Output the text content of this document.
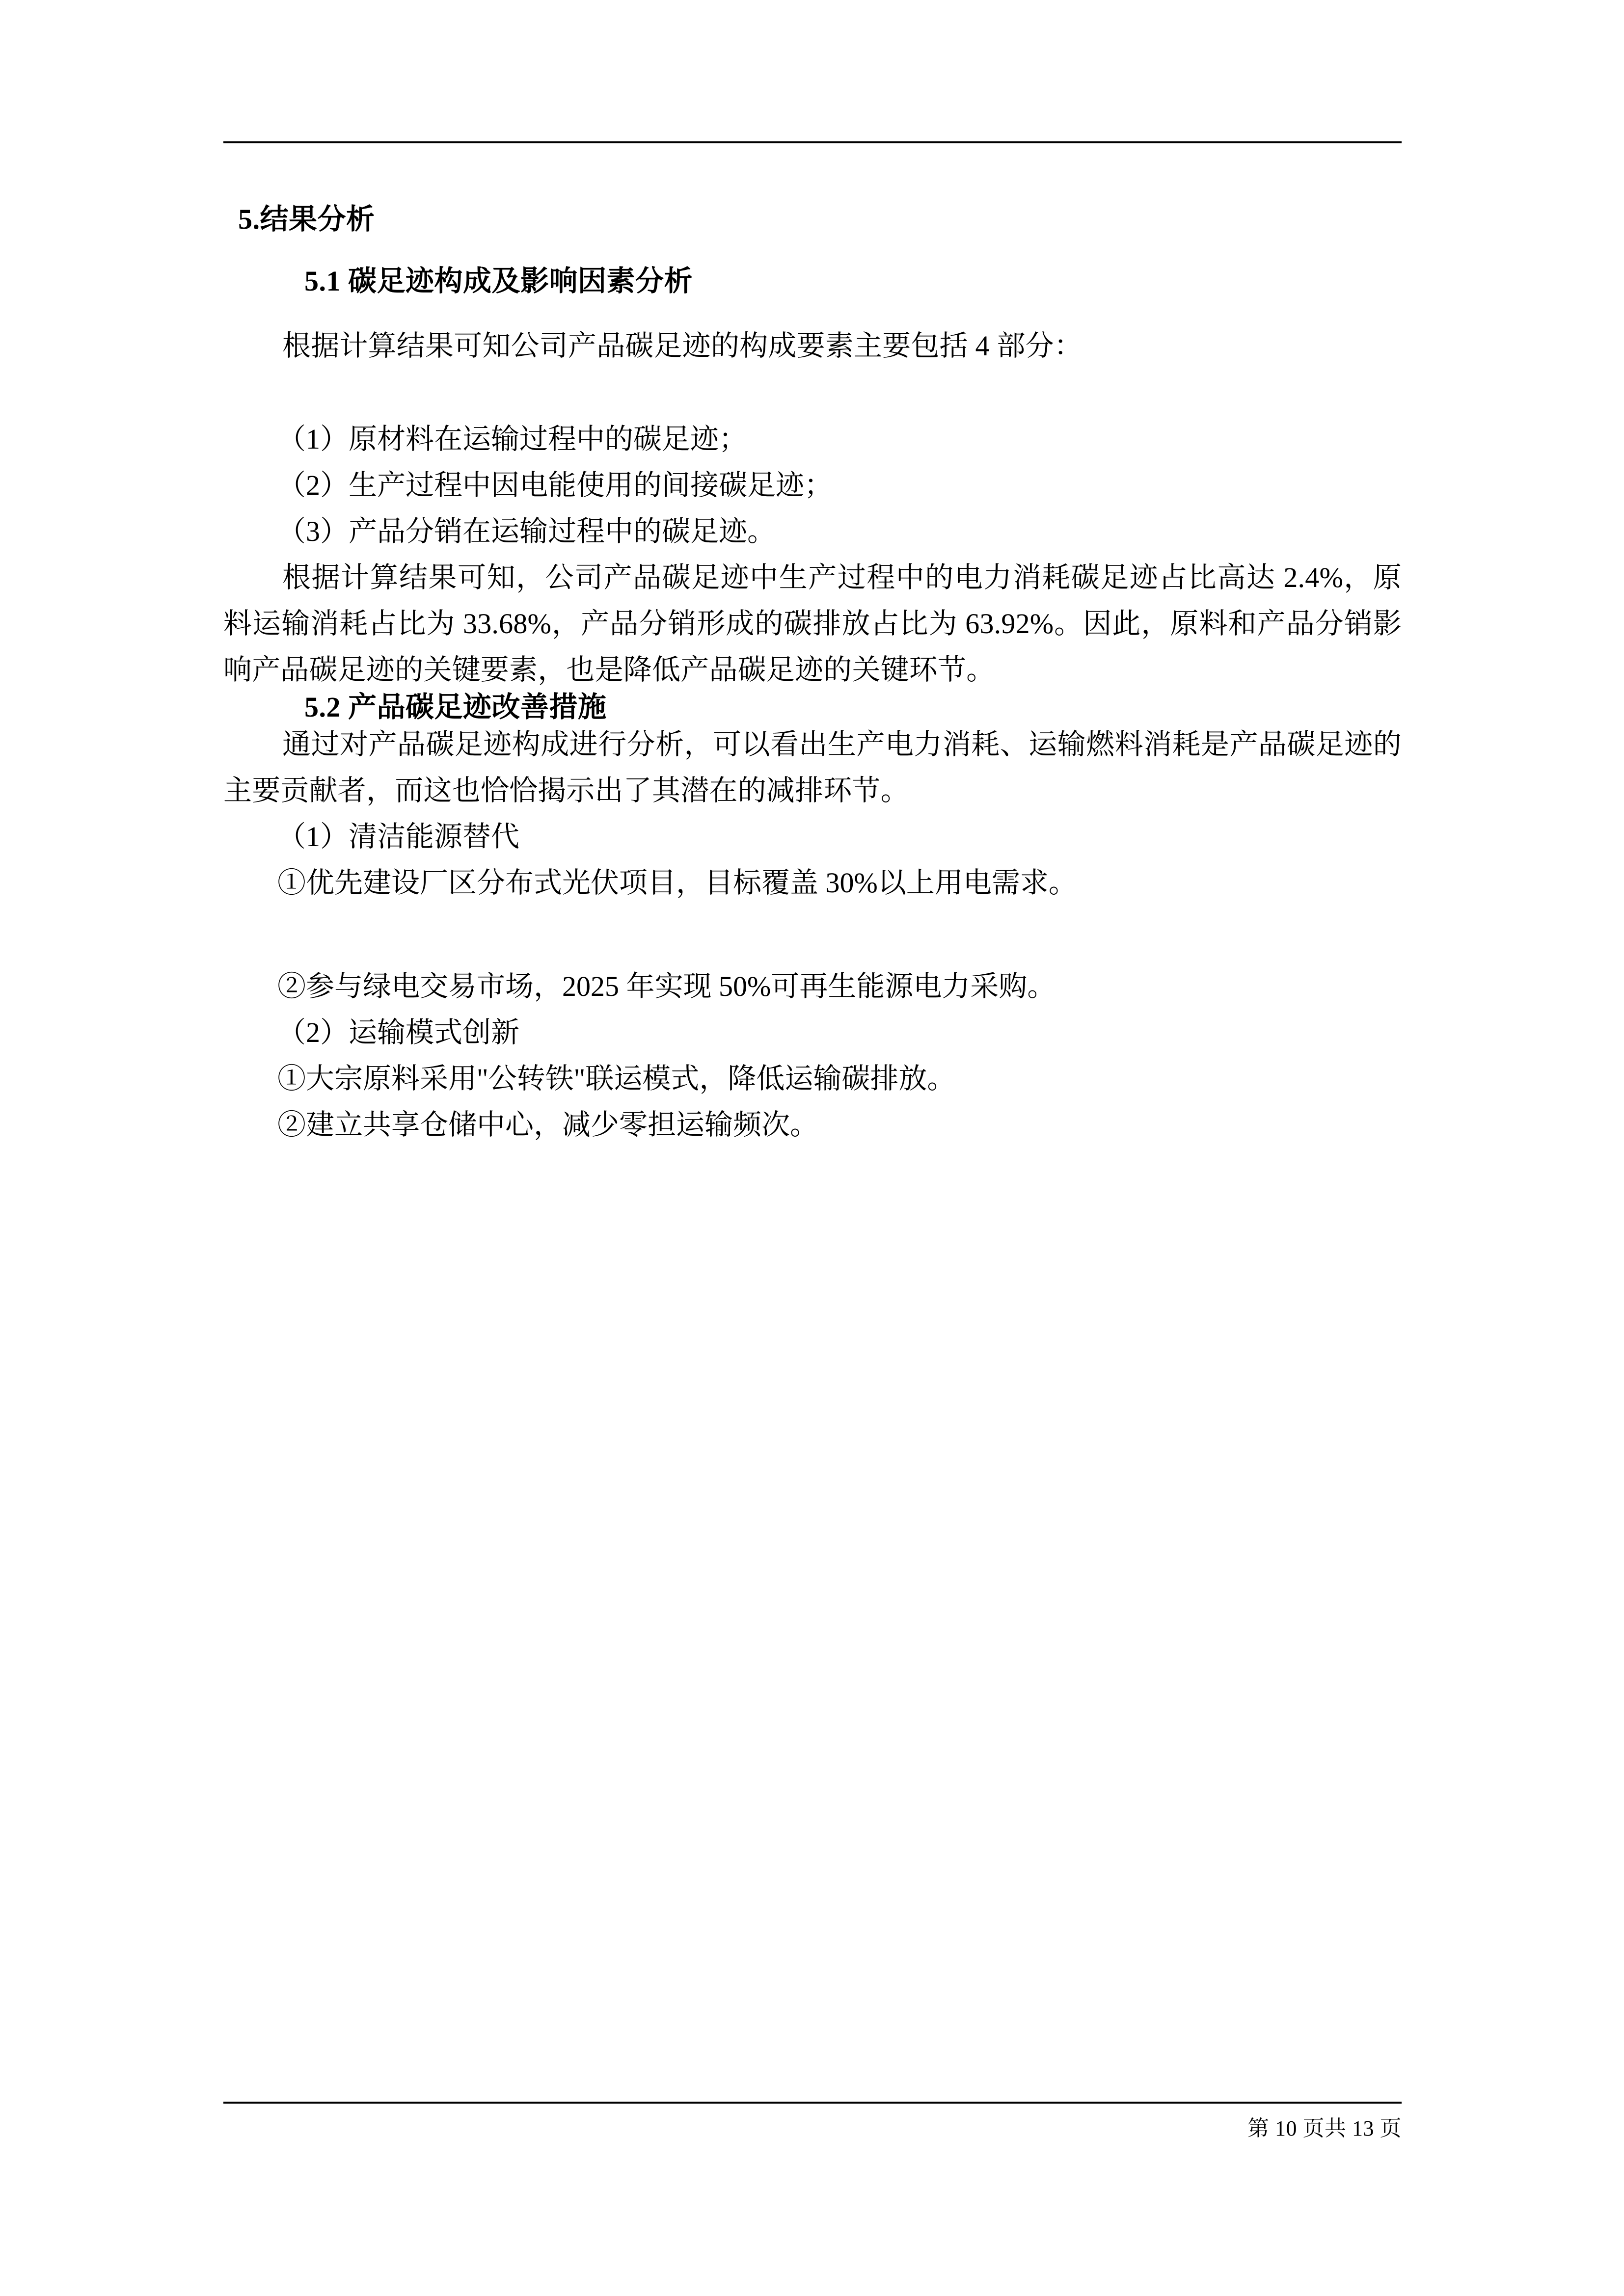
5.结果分析
5.1 碳足迹构成及影响因素分析

根据计算结果可知公司产品碳足迹的构成要素主要包括 4 部分：

（1）原材料在运输过程中的碳足迹；

（2）生产过程中因电能使用的间接碳足迹；

（3）产品分销在运输过程中的碳足迹。

根据计算结果可知，公司产品碳足迹中生产过程中的电力消耗碳足迹占比高达 2.4%，原料运输消耗占比为 33.68%，产品分销形成的碳排放占比为 63.92%。因此，原料和产品分销影响产品碳足迹的关键要素，也是降低产品碳足迹的关键环节。

5.2 产品碳足迹改善措施

通过对产品碳足迹构成进行分析，可以看出生产电力消耗、运输燃料消耗是产品碳足迹的主要贡献者，而这也恰恰揭示出了其潜在的减排环节。

（1）清洁能源替代

①优先建设厂区分布式光伏项目，目标覆盖 30%以上用电需求。

②参与绿电交易市场，2025 年实现 50%可再生能源电力采购。

（2）运输模式创新

①大宗原料采用"公转铁"联运模式，降低运输碳排放。

②建立共享仓储中心，减少零担运输频次。

第 10 页共 13 页
